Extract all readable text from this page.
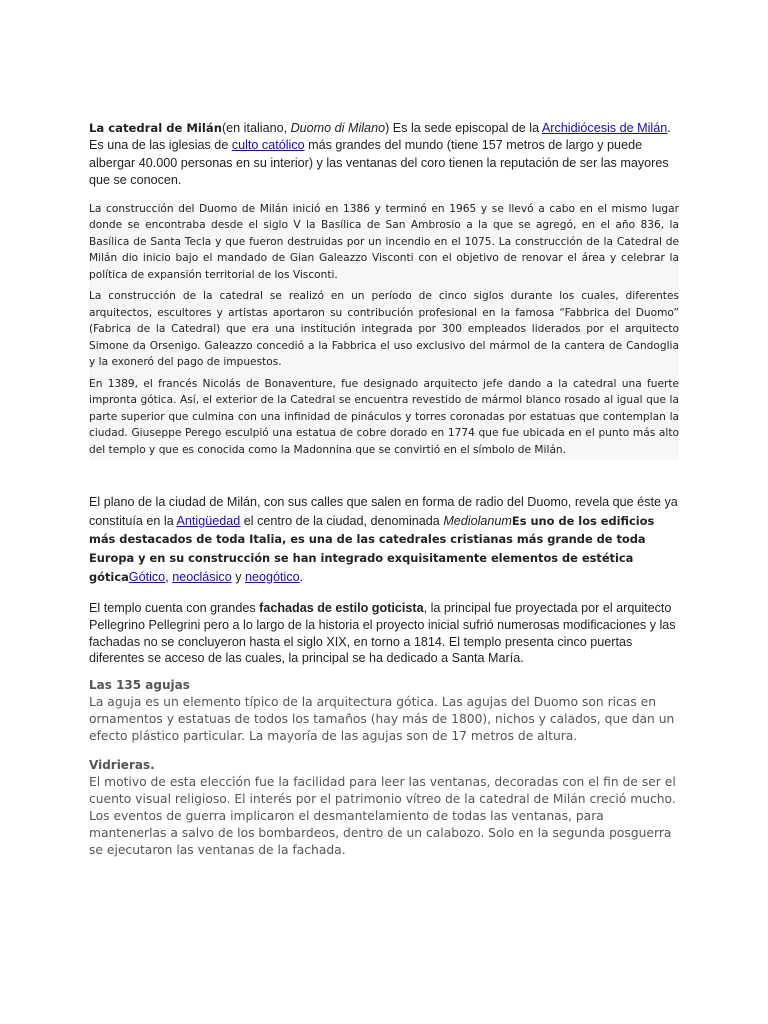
La catedral de Milán(en italiano, Duomo di Milano) Es la sede episcopal de la Archidiócesis de Milán. Es una de las iglesias de culto católico más grandes del mundo (tiene 157 metros de largo y puede albergar 40.000 personas en su interior) y las ventanas del coro tienen la reputación de ser las mayores que se conocen.

La construcción del Duomo de Milán inició en 1386 y terminó en 1965 y se llevó a cabo en el mismo lugar donde se encontraba desde el siglo V la Basílica de San Ambrosio a la que se agregó, en el año 836, la Basílica de Santa Tecla y que fueron destruidas por un incendio en el 1075. La construcción de la Catedral de Milán dio inicio bajo el mandado de Gian Galeazzo Visconti con el objetivo de renovar el área y celebrar la política de expansión territorial de los Visconti.

La construcción de la catedral se realizó en un período de cinco siglos durante los cuales, diferentes arquitectos, escultores y artistas aportaron su contribución profesional en la famosa “Fabbrica del Duomo” (Fabrica de la Catedral) que era una institución integrada por 300 empleados liderados por el arquitecto Simone da Orsenigo. Galeazzo concedió a la Fabbrica el uso exclusivo del mármol de la cantera de Candoglia y la exoneró del pago de impuestos.

En 1389, el francés Nicolás de Bonaventure, fue designado arquitecto jefe dando a la catedral una fuerte impronta gótica. Así, el exterior de la Catedral se encuentra revestido de mármol blanco rosado al igual que la parte superior que culmina con una infinidad de pináculos y torres coronadas por estatuas que contemplan la ciudad. Giuseppe Perego esculpió una estatua de cobre dorado en 1774 que fue ubicada en el punto más alto del templo y que es conocida como la Madonnina que se convirtió en el símbolo de Milán.

El plano de la ciudad de Milán, con sus calles que salen en forma de radio del Duomo, revela que éste ya constituía en la Antigüedad el centro de la ciudad, denominada MediolanumEs uno de los edificios más destacados de toda Italia, es una de las catedrales cristianas más grande de toda Europa y en su construcción se han integrado exquisitamente elementos de estética góticaGótico, neoclásico y neogótico.

El templo cuenta con grandes fachadas de estilo goticista, la principal fue proyectada por el arquitecto Pellegrino Pellegrini pero a lo largo de la historia el proyecto inicial sufrió numerosas modificaciones y las fachadas no se concluyeron hasta el siglo XIX, en torno a 1814. El templo presenta cinco puertas diferentes se acceso de las cuales, la principal se ha dedicado a Santa María.

Las 135 agujas

La aguja es un elemento típico de la arquitectura gótica. Las agujas del Duomo son ricas en ornamentos y estatuas de todos los tamaños (hay más de 1800), nichos y calados, que dan un efecto plástico particular. La mayoría de las agujas son de 17 metros de altura.

Vidrieras.

El motivo de esta elección fue la facilidad para leer las ventanas, decoradas con el fin de ser el cuento visual religioso. El interés por el patrimonio vítreo de la catedral de Milán creció mucho. Los eventos de guerra implicaron el desmantelamiento de todas las ventanas, para mantenerlas a salvo de los bombardeos, dentro de un calabozo. Solo en la segunda posguerra se ejecutaron las ventanas de la fachada.
